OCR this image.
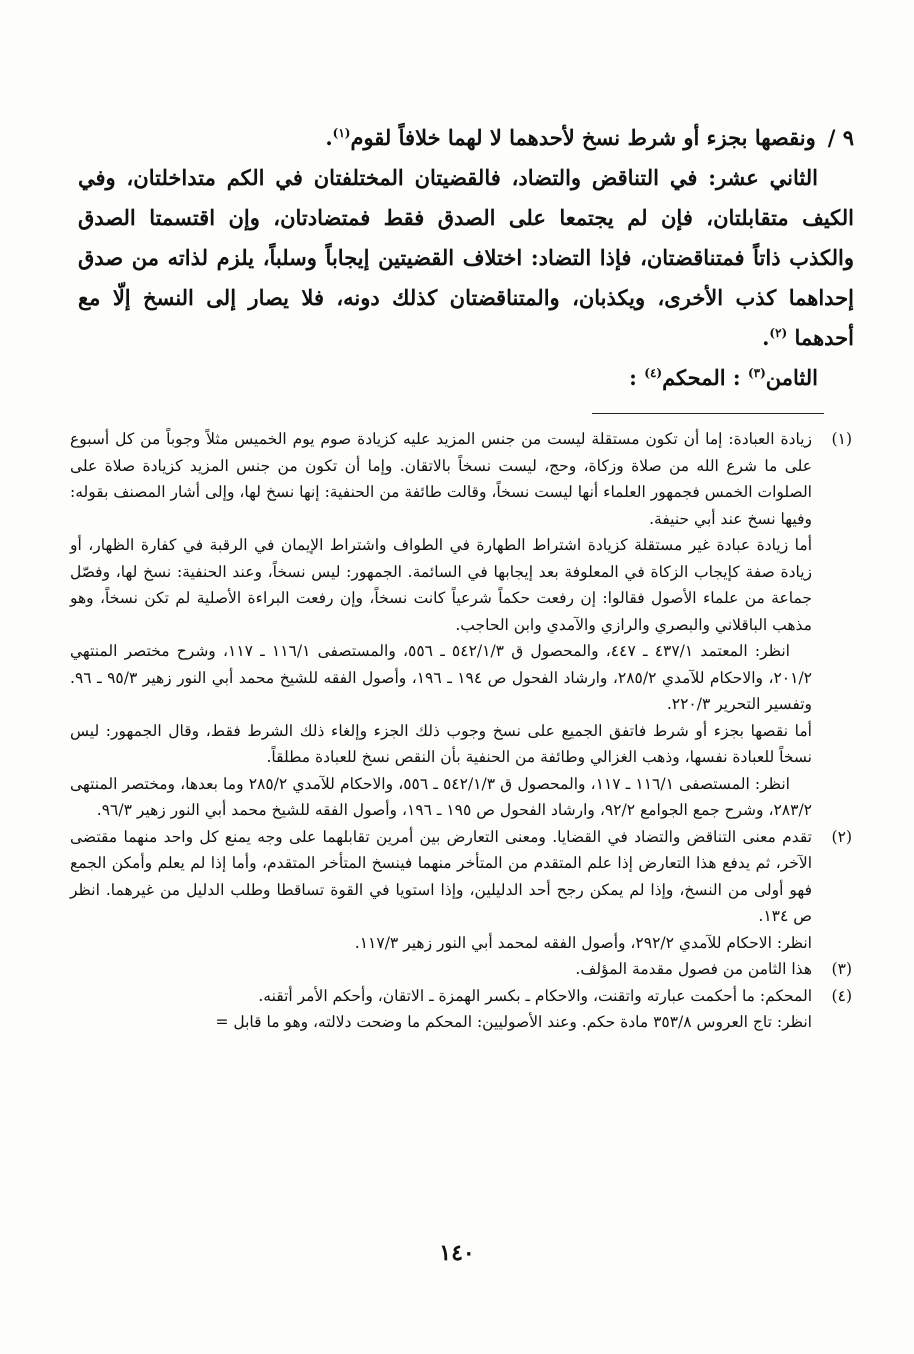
٩ /ونقصها بجزء أو شرط نسخ لأحدهما لا لهما خلافاً لقوم$^{(١)}$.

الثاني عشر: في التناقض والتضاد، فالقضيتان المختلفتان في الكم متداخلتان، وفي الكيف متقابلتان، فإن لم يجتمعا على الصدق فقط فمتضادتان، وإن اقتسمتا الصدق والكذب ذاتاً فمتناقضتان، فإذا التضاد: اختلاف القضيتين إيجاباً وسلباً، يلزم لذاته من صدق إحداهما كذب الأخرى، ويكذبان، والمتناقضتان كذلك دونه، فلا يصار إلى النسخ إلّا مع أحدهما $^{(٢)}$.

الثامن$^{(٣)}$ : المحكم$^{(٤)}$ :

(١)

زيادة العبادة: إما أن تكون مستقلة ليست من جنس المزيد عليه كزيادة صوم يوم الخميس مثلاً وجوباً من كل أسبوع على ما شرع الله من صلاة وزكاة، وحج، ليست نسخاً بالاتقان. وإما أن تكون من جنس المزيد كزيادة صلاة على الصلوات الخمس فجمهور العلماء أنها ليست نسخاً، وقالت طائفة من الحنفية: إنها نسخ لها، وإلى أشار المصنف بقوله: وفيها نسخ عند أبي حنيفة.

أما زيادة عبادة غير مستقلة كزيادة اشتراط الطهارة في الطواف واشتراط الإيمان في الرقبة في كفارة الظهار، أو زيادة صفة كإيجاب الزكاة في المعلوفة بعد إيجابها في السائمة. الجمهور: ليس نسخاً، وعند الحنفية: نسخ لها، وفصّل جماعة من علماء الأصول فقالوا: إن رفعت حكماً شرعياً كانت نسخاً، وإن رفعت البراءة الأصلية لم تكن نسخاً، وهو مذهب الباقلاني والبصري والرازي والآمدي وابن الحاجب.

انظر: المعتمد ٤٣٧/١ ـ ٤٤٧، والمحصول ق ٥٤٢/١/٣ ـ ٥٥٦، والمستصفى ١١٦/١ ـ ١١٧، وشرح مختصر المنتهي ٢٠١/٢، والاحكام للآمدي ٢٨٥/٢، وارشاد الفحول ص ١٩٤ ـ ١٩٦، وأصول الفقه للشيخ محمد أبي النور زهير ٩٥/٣ ـ ٩٦. وتفسير التحرير ٢٢٠/٣.

أما نقصها بجزء أو شرط فاتفق الجميع على نسخ وجوب ذلك الجزء وإلغاء ذلك الشرط فقط، وقال الجمهور: ليس نسخاً للعبادة نفسها، وذهب الغزالي وطائفة من الحنفية بأن النقص نسخ للعبادة مطلقاً.

انظر: المستصفى ١١٦/١ ـ ١١٧، والمحصول ق ٥٤٢/١/٣ ـ ٥٥٦، والاحكام للآمدي ٢٨٥/٢ وما بعدها، ومختصر المنتهى ٢٨٣/٢، وشرح جمع الجوامع ٩٢/٢، وارشاد الفحول ص ١٩٥ ـ ١٩٦، وأصول الفقه للشيخ محمد أبي النور زهير ٩٦/٣.

(٢)

تقدم معنى التناقض والتضاد في القضايا. ومعنى التعارض بين أمرين تقابلهما على وجه يمنع كل واحد منهما مقتضى الآخر، ثم يدفع هذا التعارض إذا علم المتقدم من المتأخر منهما فينسخ المتأخر المتقدم، وأما إذا لم يعلم وأمكن الجمع فهو أولى من النسخ، وإذا لم يمكن رجح أحد الدليلين، وإذا استويا في القوة تساقطا وطلب الدليل من غيرهما. انظر ص ١٣٤.

انظر: الاحكام للآمدي ٢٩٢/٢، وأصول الفقه لمحمد أبي النور زهير ١١٧/٣.

(٣)

هذا الثامن من فصول مقدمة المؤلف.

(٤)

المحكم: ما أحكمت عبارته واتقنت، والاحكام ـ بكسر الهمزة ـ الاتقان، وأحكم الأمر أتقنه.

انظر: تاج العروس ٣٥٣/٨ مادة حكم. وعند الأصوليين: المحكم ما وضحت دلالته، وهو ما قابل =

١٤٠
